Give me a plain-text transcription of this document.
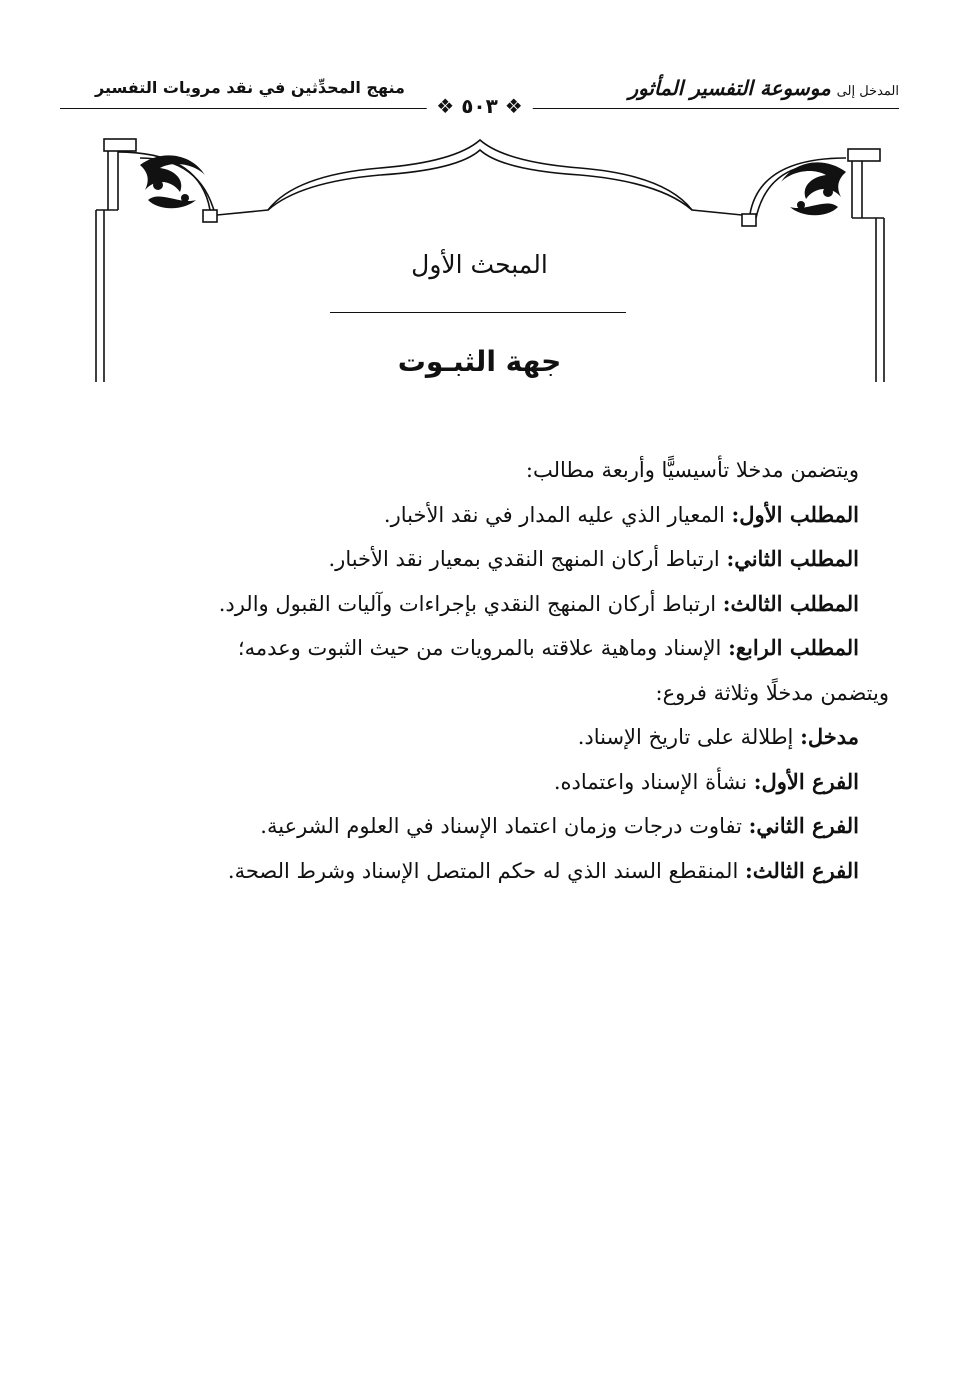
المدخل إلى موسوعة التفسير المأثور
منهج المحدِّثين في نقد مرويات التفسير
❖ ٥٠٣ ❖
المبحث الأول
جهة الثبـوت

ويتضمن مدخلا تأسيسيًّا وأربعة مطالب:

المطلب الأول: المعيار الذي عليه المدار في نقد الأخبار.

المطلب الثاني: ارتباط أركان المنهج النقدي بمعيار نقد الأخبار.

المطلب الثالث: ارتباط أركان المنهج النقدي بإجراءات وآليات القبول والرد.

المطلب الرابع: الإسناد وماهية علاقته بالمرويات من حيث الثبوت وعدمه؛

ويتضمن مدخلًا وثلاثة فروع:

مدخل: إطلالة على تاريخ الإسناد.

الفرع الأول: نشأة الإسناد واعتماده.

الفرع الثاني: تفاوت درجات وزمان اعتماد الإسناد في العلوم الشرعية.

الفرع الثالث: المنقطع السند الذي له حكم المتصل الإسناد وشرط الصحة.
